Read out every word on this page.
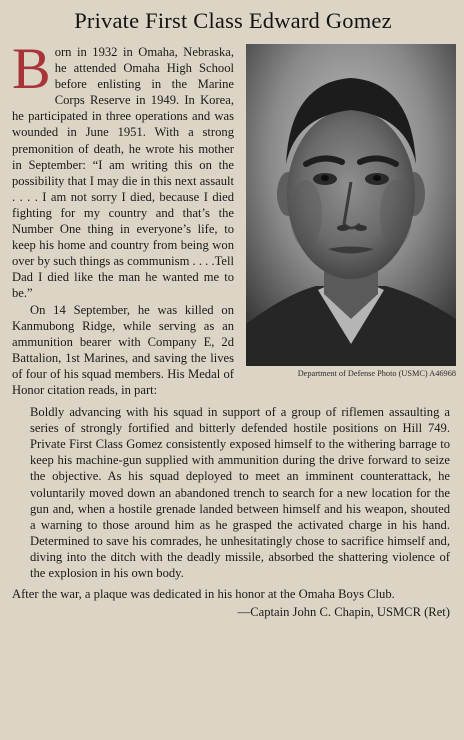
Private First Class Edward Gomez
Department of Defense Photo (USMC) A46968

Born in 1932 in Omaha, Nebraska, he attended Omaha High School before enlisting in the Marine Corps Reserve in 1949. In Korea, he participated in three operations and was wounded in June 1951. With a strong premonition of death, he wrote his mother in September: “I am writing this on the possibility that I may die in this next assault . . . . I am not sorry I died, because I died fighting for my country and that’s the Number One thing in everyone’s life, to keep his home and country from being won over by such things as communism . . . .Tell Dad I died like the man he wanted me to be.”

On 14 September, he was killed on Kanmubong Ridge, while serving as an ammunition bearer with Company E, 2d Battalion, 1st Marines, and saving the lives of four of his squad members. His Medal of Honor citation reads, in part:

Boldly advancing with his squad in support of a group of riflemen assaulting a series of strongly fortified and bitterly defended hostile positions on Hill 749. Private First Class Gomez consistently exposed himself to the withering barrage to keep his machine-gun supplied with ammunition during the drive forward to seize the objective. As his squad deployed to meet an imminent counterattack, he voluntarily moved down an abandoned trench to search for a new location for the gun and, when a hostile grenade landed between himself and his weapon, shouted a warning to those around him as he grasped the activated charge in his hand. Determined to save his comrades, he unhesitatingly chose to sacrifice himself and, diving into the ditch with the deadly missile, absorbed the shattering violence of the explosion in his own body.

After the war, a plaque was dedicated in his honor at the Omaha Boys Club.

—Captain John C. Chapin, USMCR (Ret)
